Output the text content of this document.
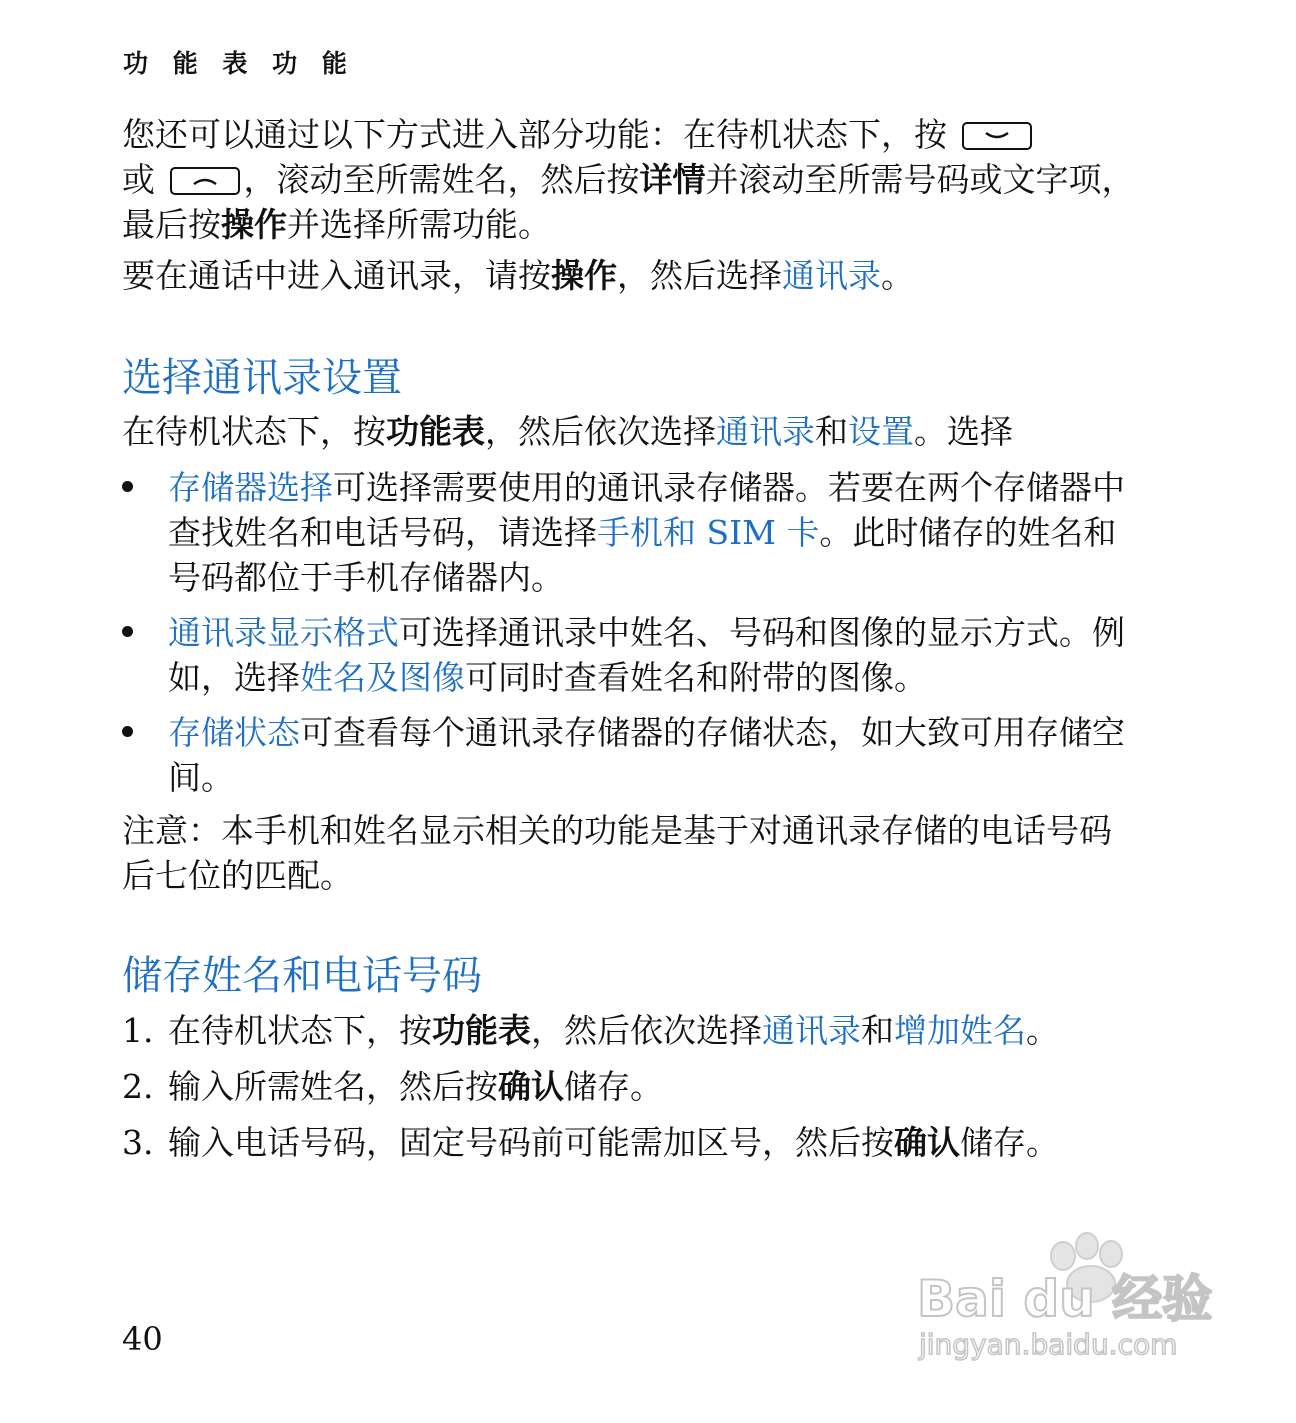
功 能 表 功 能

您还可以通过以下方式进入部分功能：在待机状态下，按

或	，滚动至所需姓名，然后按详情并滚动至所需号码或文字项，最后按操作并选择所需功能。

要在通话中进入通讯录，请按操作，然后选择通讯录。

选择通讯录设置

在待机状态下，按功能表，然后依次选择通讯录和设置。选择

存储器选择可选择需要使用的通讯录存储器。若要在两个存储器中查找姓名和电话号码，请选择手机和 SIM 卡。此时储存的姓名和号码都位于手机存储器内。
通讯录显示格式可选择通讯录中姓名、号码和图像的显示方式。例如，选择姓名及图像可同时查看姓名和附带的图像。
存储状态可查看每个通讯录存储器的存储状态，如大致可用存储空间。

注意：本手机和姓名显示相关的功能是基于对通讯录存储的电话号码后七位的匹配。

储存姓名和电话号码
1. 在待机状态下，按功能表，然后依次选择通讯录和增加姓名。
2. 输入所需姓名，然后按确认储存。
3. 输入电话号码，固定号码前可能需加区号，然后按确认储存。
40
Bai du 经验
jingyan.baidu.com
